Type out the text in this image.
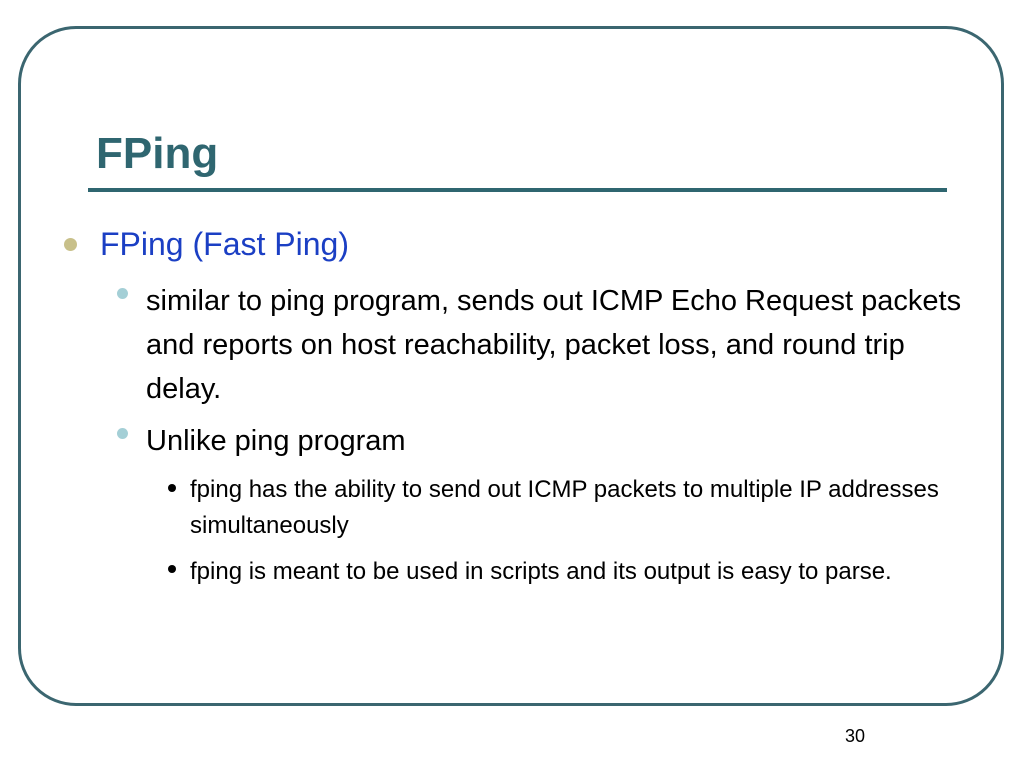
FPing

FPing (Fast Ping)

similar to ping program, sends out ICMP Echo Request packets and reports on host reachability, packet loss, and round trip delay.

Unlike ping program

fping has the ability to send out ICMP packets to multiple IP addresses simultaneously

fping is meant to be used in scripts and its output is easy to parse.

30
